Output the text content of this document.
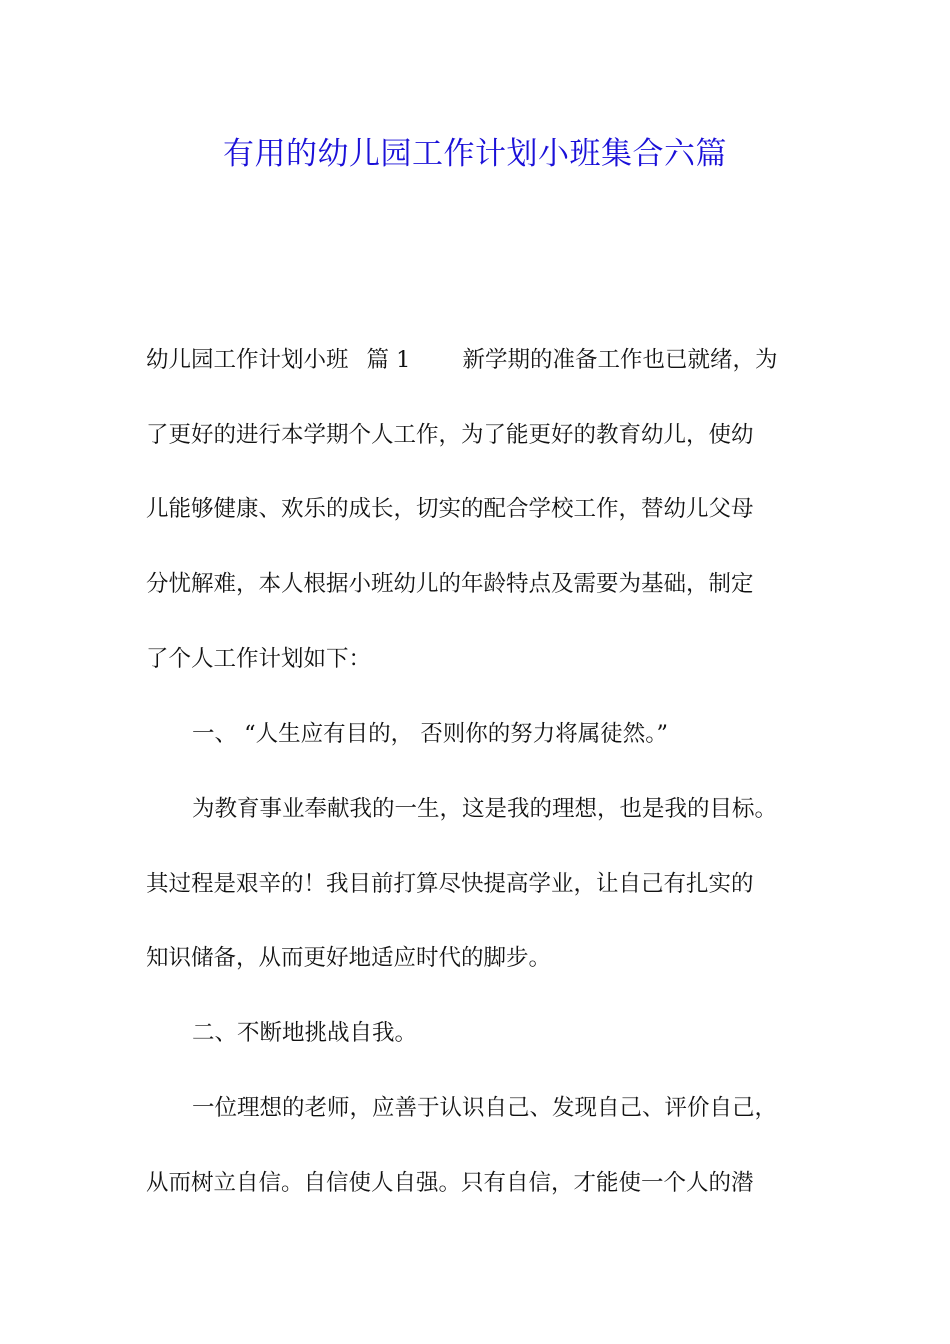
有用的幼儿园工作计划小班集合六篇

幼儿园工作计划小班 篇 1 新学期的准备工作也已就绪，为

了更好的进行本学期个人工作，为了能更好的教育幼儿，使幼

儿能够健康、欢乐的成长，切实的配合学校工作，替幼儿父母

分忧解难，本人根据小班幼儿的年龄特点及需要为基础，制定

了个人工作计划如下：

一、 “人生应有目的， 否则你的努力将属徒然。”

为教育事业奉献我的一生，这是我的理想，也是我的目标。

其过程是艰辛的！我目前打算尽快提高学业，让自己有扎实的

知识储备，从而更好地适应时代的脚步。

二、不断地挑战自我。

一位理想的老师，应善于认识自己、发现自己、评价自己，

从而树立自信。自信使人自强。只有自信，才能使一个人的潜
